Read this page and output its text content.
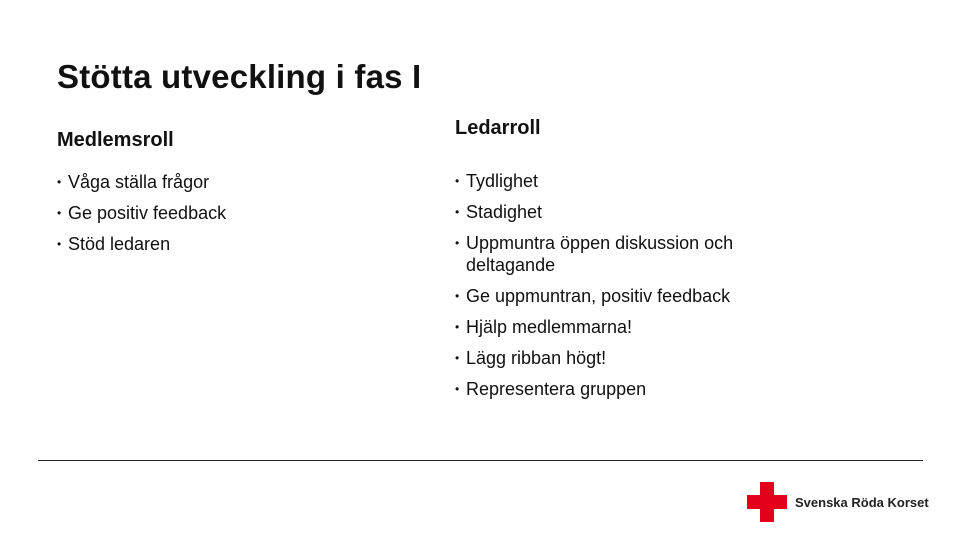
Stötta utveckling i fas I
Medlemsroll
• Våga ställa frågor
• Ge positiv feedback
• Stöd ledaren
Ledarroll
• Tydlighet
• Stadighet
• Uppmuntra öppen diskussion och deltagande
• Ge uppmuntran, positiv feedback
• Hjälp medlemmarna!
• Lägg ribban högt!
• Representera gruppen
Svenska Röda Korset
